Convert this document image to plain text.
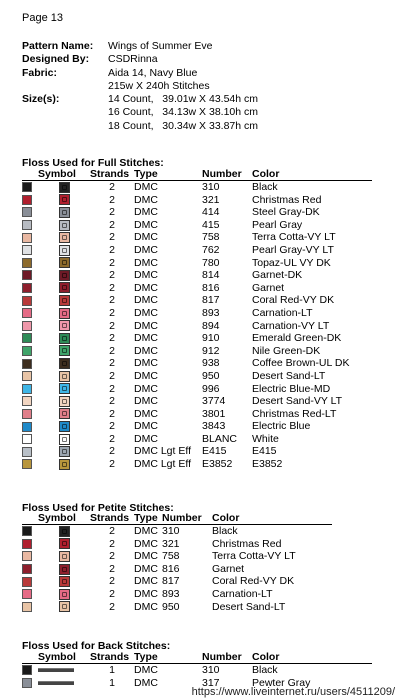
Page 13
Pattern Name:	Wings of Summer Eve
Designed By:	CSDRinna
Fabric:	Aida 14, Navy Blue
215w X 240h Stitches
Size(s):	14 Count,   39.01w X 43.54h cm
16 Count,   34.13w X 38.10h cm
18 Count,   30.34w X 33.87h cm
Floss Used for Full Stitches:
	Symbol	Strands	Type	Number	Color
		2	DMC	310	Black
		2	DMC	321	Christmas Red
		2	DMC	414	Steel Gray-DK
		2	DMC	415	Pearl Gray
		2	DMC	758	Terra Cotta-VY LT
		2	DMC	762	Pearl Gray-VY LT
		2	DMC	780	Topaz-UL VY DK
		2	DMC	814	Garnet-DK
		2	DMC	816	Garnet
		2	DMC	817	Coral Red-VY DK
		2	DMC	893	Carnation-LT
		2	DMC	894	Carnation-VY LT
		2	DMC	910	Emerald Green-DK
		2	DMC	912	Nile Green-DK
		2	DMC	938	Coffee Brown-UL DK
		2	DMC	950	Desert Sand-LT
		2	DMC	996	Electric Blue-MD
		2	DMC	3774	Desert Sand-VY LT
		2	DMC	3801	Christmas Red-LT
		2	DMC	3843	Electric Blue
		2	DMC	BLANC	White
		2	DMC Lgt Eff	E415	E415
		2	DMC Lgt Eff	E3852	E3852
Floss Used for Petite Stitches:
	Symbol	Strands	Type	Number	Color
		2	DMC	310	Black
		2	DMC	321	Christmas Red
		2	DMC	758	Terra Cotta-VY LT
		2	DMC	816	Garnet
		2	DMC	817	Coral Red-VY DK
		2	DMC	893	Carnation-LT
		2	DMC	950	Desert Sand-LT
Floss Used for Back Stitches:
	Symbol	Strands	Type	Number	Color
		1	DMC	310	Black
		1	DMC	317	Pewter Gray
https://www.liveinternet.ru/users/4511209/
